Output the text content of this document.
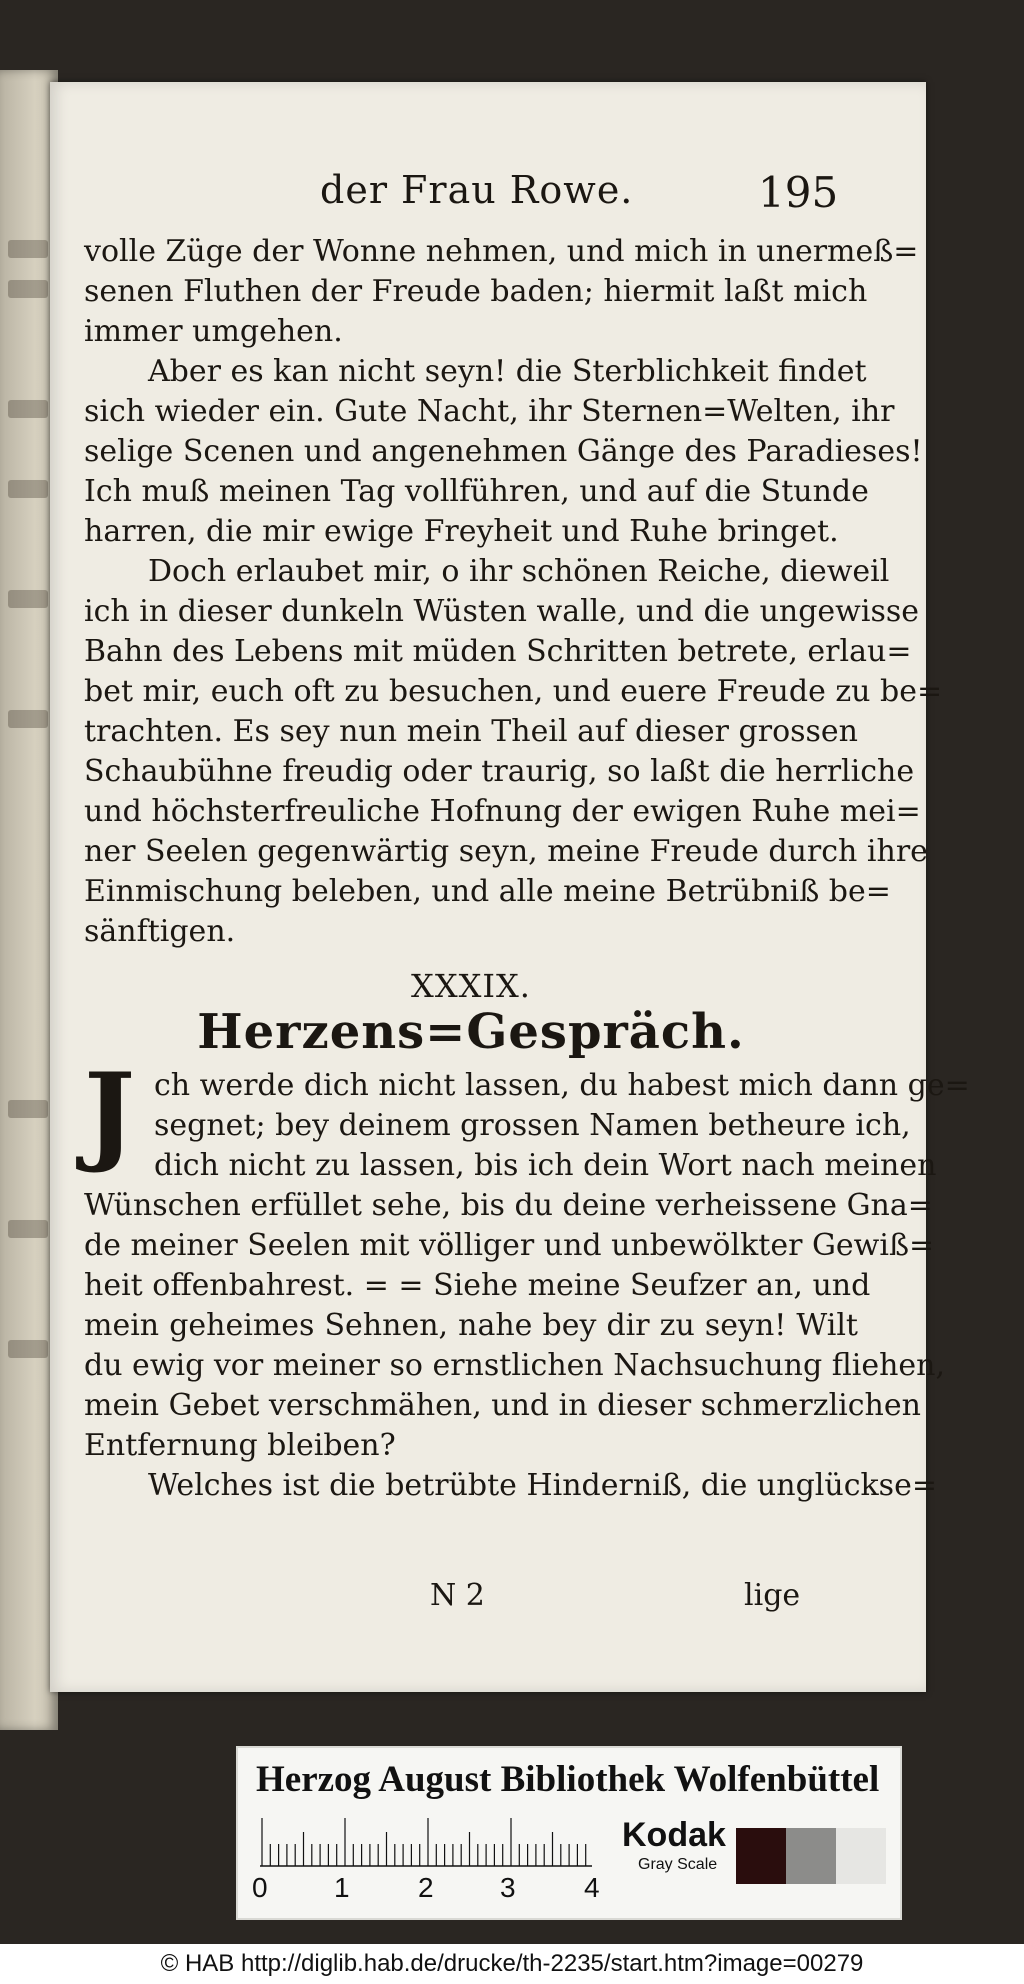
der Frau Rowe.	195

volle Züge der Wonne nehmen, und mich in unermeß=
senen Fluthen der Freude baden; hiermit laßt mich
immer umgehen.

Aber es kan nicht seyn! die Sterblichkeit findet
sich wieder ein. Gute Nacht, ihr Sternen=Welten, ihr
selige Scenen und angenehmen Gänge des Paradieses!
Ich muß meinen Tag vollführen, und auf die Stunde
harren, die mir ewige Freyheit und Ruhe bringet.

Doch erlaubet mir, o ihr schönen Reiche, dieweil
ich in dieser dunkeln Wüsten walle, und die ungewisse
Bahn des Lebens mit müden Schritten betrete, erlau=
bet mir, euch oft zu besuchen, und euere Freude zu be=
trachten. Es sey nun mein Theil auf dieser grossen
Schaubühne freudig oder traurig, so laßt die herrliche
und höchsterfreuliche Hofnung der ewigen Ruhe mei=
ner Seelen gegenwärtig seyn, meine Freude durch ihre
Einmischung beleben, und alle meine Betrübniß be=
sänftigen.

XXXIX.
Herzens=Gespräch.

J ch werde dich nicht lassen, du habest mich dann ge=
segnet; bey deinem grossen Namen betheure ich,
dich nicht zu lassen, bis ich dein Wort nach meinen
Wünschen erfüllet sehe, bis du deine verheissene Gna=
de meiner Seelen mit völliger und unbewölkter Gewiß=
heit offenbahrest. = = Siehe meine Seufzer an, und
mein geheimes Sehnen, nahe bey dir zu seyn! Wilt
du ewig vor meiner so ernstlichen Nachsuchung fliehen,
mein Gebet verschmähen, und in dieser schmerzlichen
Entfernung bleiben?

Welches ist die betrübte Hinderniß, die unglückse=

N 2	lige
Herzog August Bibliothek Wolfenbüttel
0 1 2 3 4
Kodak
Gray Scale
© HAB http://diglib.hab.de/drucke/th-2235/start.htm?image=00279
